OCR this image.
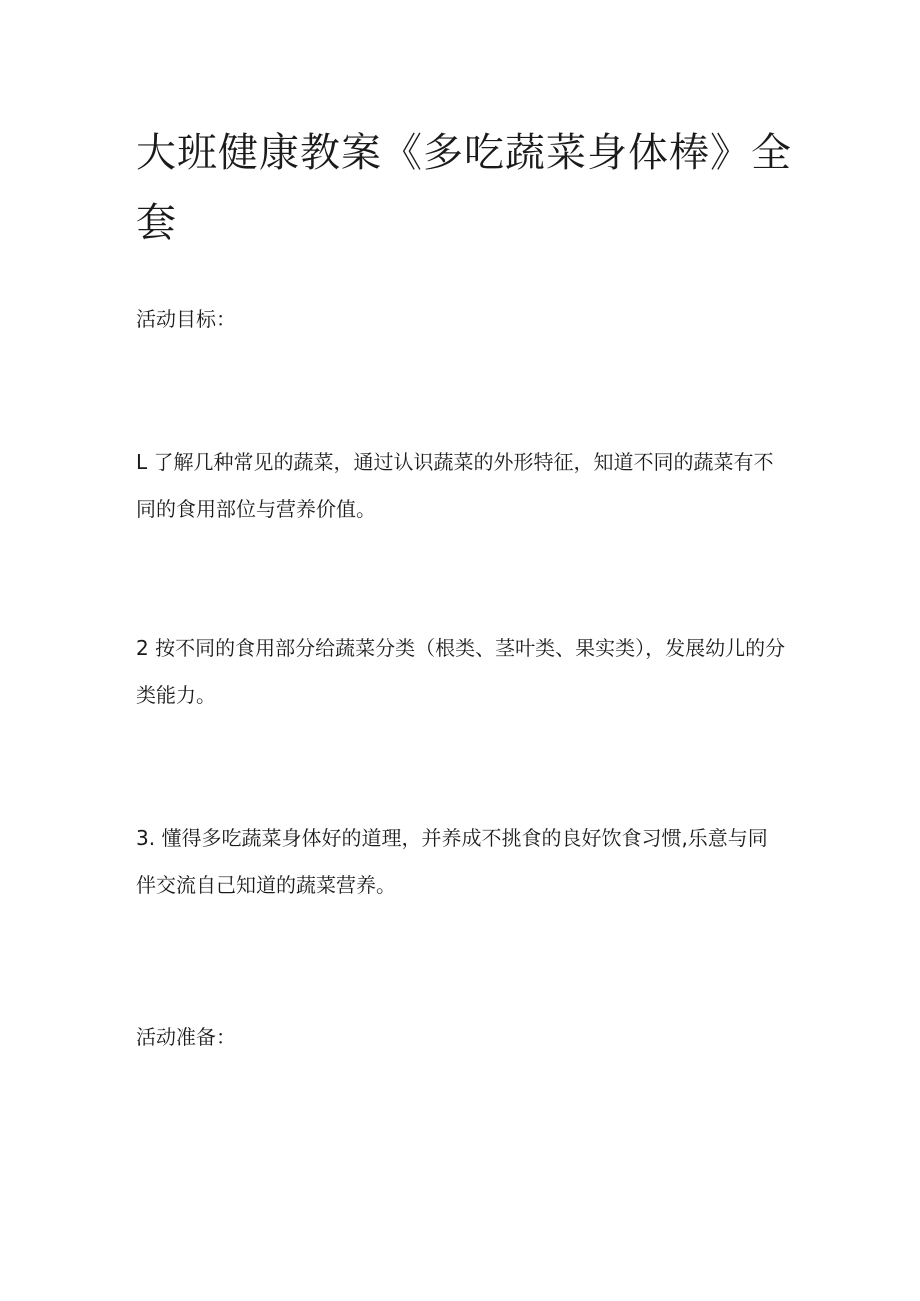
大班健康教案《多吃蔬菜身体棒》全套

活动目标：

L 了解几种常见的蔬菜，通过认识蔬菜的外形特征，知道不同的蔬菜有不同的食用部位与营养价值。

2 按不同的食用部分给蔬菜分类（根类、茎叶类、果实类），发展幼儿的分类能力。

3. 懂得多吃蔬菜身体好的道理，并养成不挑食的良好饮食习惯,乐意与同伴交流自己知道的蔬菜营养。

活动准备：
